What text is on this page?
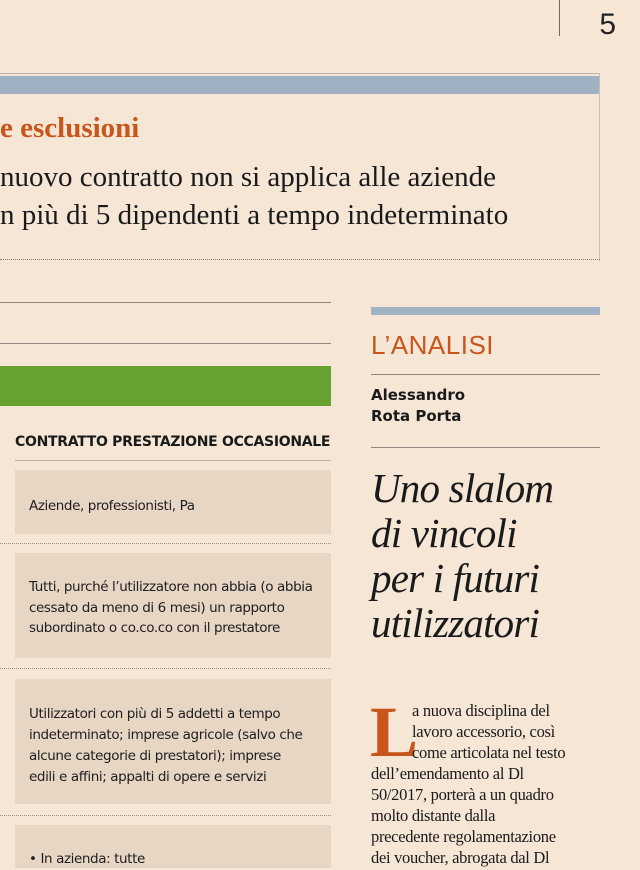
5
e esclusioni
nuovo contratto non si applica alle aziende
n più di 5 dipendenti a tempo indeterminato
CONTRATTO PRESTAZIONE OCCASIONALE
Aziende, professionisti, Pa
Tutti, purché l’utilizzatore non abbia (o abbia
cessato da meno di 6 mesi) un rapporto
subordinato o co.co.co con il prestatore
Utilizzatori con più di 5 addetti a tempo
indeterminato; imprese agricole (salvo che
alcune categorie di prestatori); imprese
edili e affini; appalti di opere e servizi
• In azienda: tutte
L’ANALISI
Alessandro
Rota Porta
Uno slalom
di vincoli
per i futuri
utilizzatori
L
a nuova disciplina del
lavoro accessorio, così
come articolata nel testo
dell’emendamento al Dl
50/2017, porterà a un quadro
molto distante dalla
precedente regolamentazione
dei voucher, abrogata dal Dl
